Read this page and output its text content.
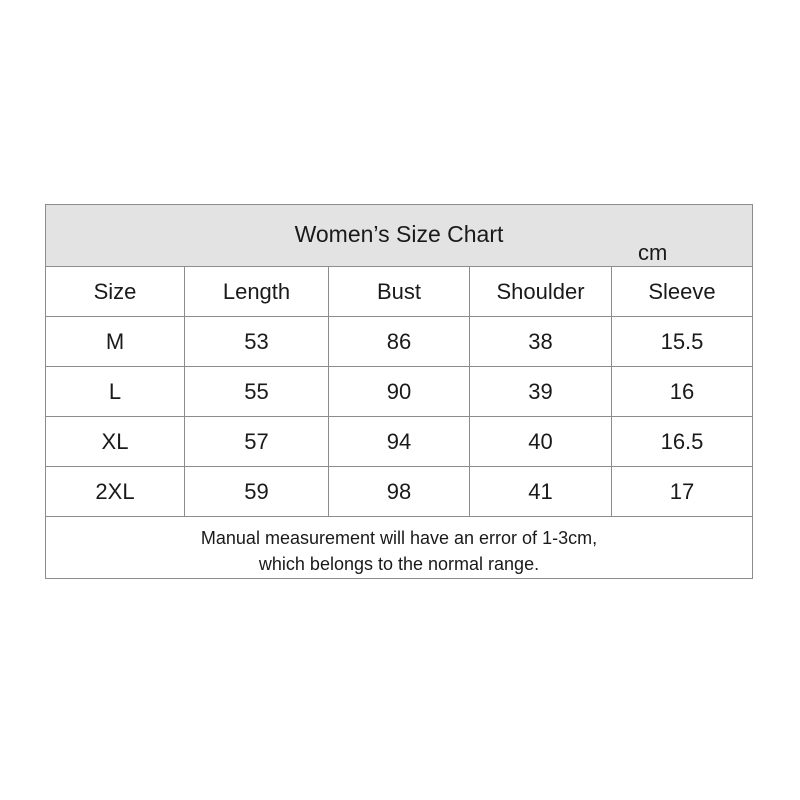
Women’s Size Chart
cm
Size	Length	Bust	Shoulder	Sleeve
M	53	86	38	15.5
L	55	90	39	16
XL	57	94	40	16.5
2XL	59	98	41	17
Manual measurement will have an error of 1-3cm,
which belongs to the normal range.
